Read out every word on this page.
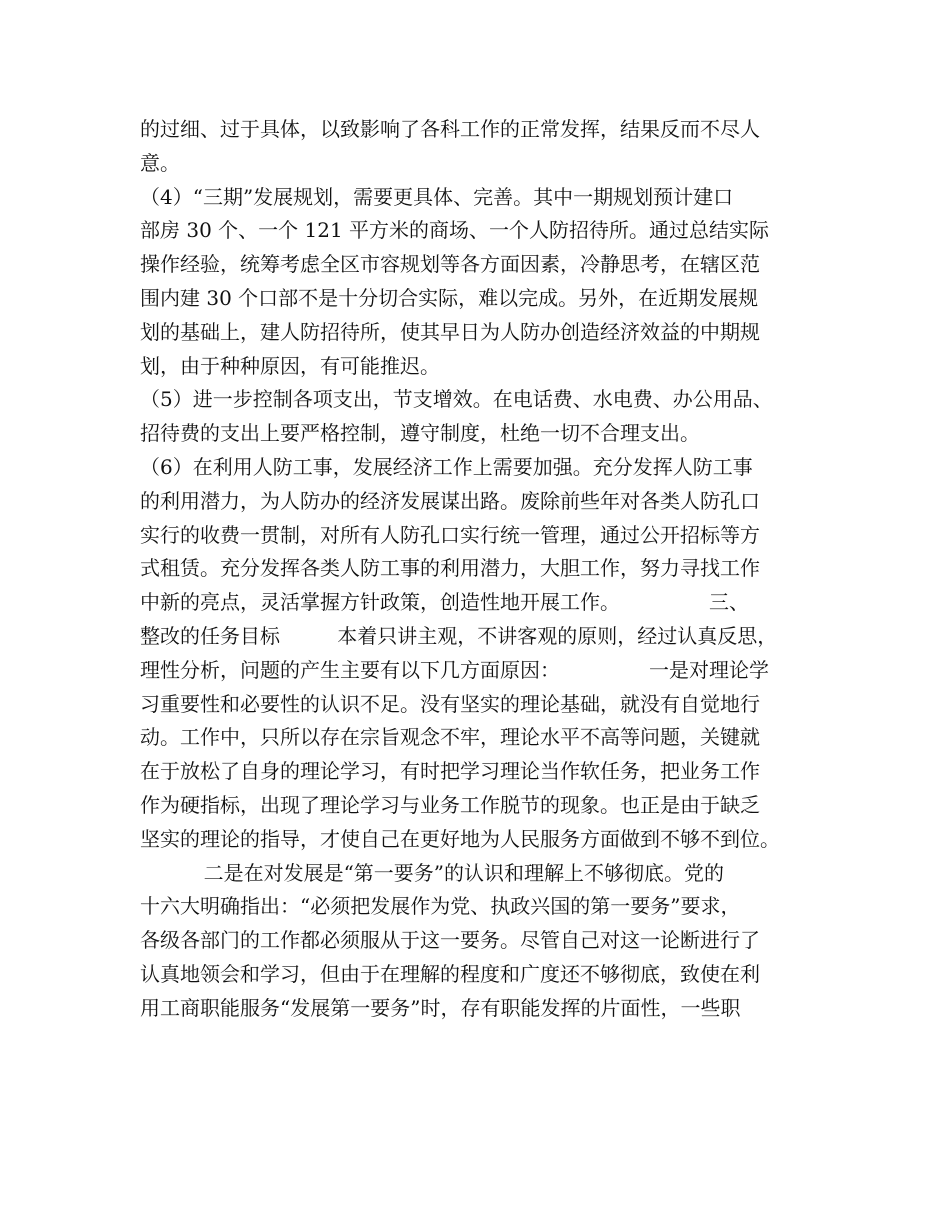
的过细、过于具体，以致影响了各科工作的正常发挥，结果反而不尽人
意。
（4）“三期”发展规划，需要更具体、完善。其中一期规划预计建口
部房 30 个、一个 121 平方米的商场、一个人防招待所。通过总结实际
操作经验，统筹考虑全区市容规划等各方面因素，冷静思考，在辖区范
围内建 30 个口部不是十分切合实际，难以完成。另外，在近期发展规
划的基础上，建人防招待所，使其早日为人防办创造经济效益的中期规
划，由于种种原因，有可能推迟。
（5）进一步控制各项支出，节支增效。在电话费、水电费、办公用品、
招待费的支出上要严格控制，遵守制度，杜绝一切不合理支出。
（6）在利用人防工事，发展经济工作上需要加强。充分发挥人防工事
的利用潜力，为人防办的经济发展谋出路。废除前些年对各类人防孔口
实行的收费一贯制，对所有人防孔口实行统一管理，通过公开招标等方
式租赁。充分发挥各类人防工事的利用潜力，大胆工作，努力寻找工作
中新的亮点，灵活掌握方针政策，创造性地开展工作。              三、
整改的任务目标         本着只讲主观，不讲客观的原则，经过认真反思，
理性分析，问题的产生主要有以下几方面原因：              一是对理论学
习重要性和必要性的认识不足。没有坚实的理论基础，就没有自觉地行
动。工作中，只所以存在宗旨观念不牢，理论水平不高等问题，关键就
在于放松了自身的理论学习，有时把学习理论当作软任务，把业务工作
作为硬指标，出现了理论学习与业务工作脱节的现象。也正是由于缺乏
坚实的理论的指导，才使自己在更好地为人民服务方面做到不够不到位。
二是在对发展是“第一要务”的认识和理解上不够彻底。党的
十六大明确指出：“必须把发展作为党、执政兴国的第一要务”要求，
各级各部门的工作都必须服从于这一要务。尽管自己对这一论断进行了
认真地领会和学习，但由于在理解的程度和广度还不够彻底，致使在利
用工商职能服务“发展第一要务”时，存有职能发挥的片面性，一些职
